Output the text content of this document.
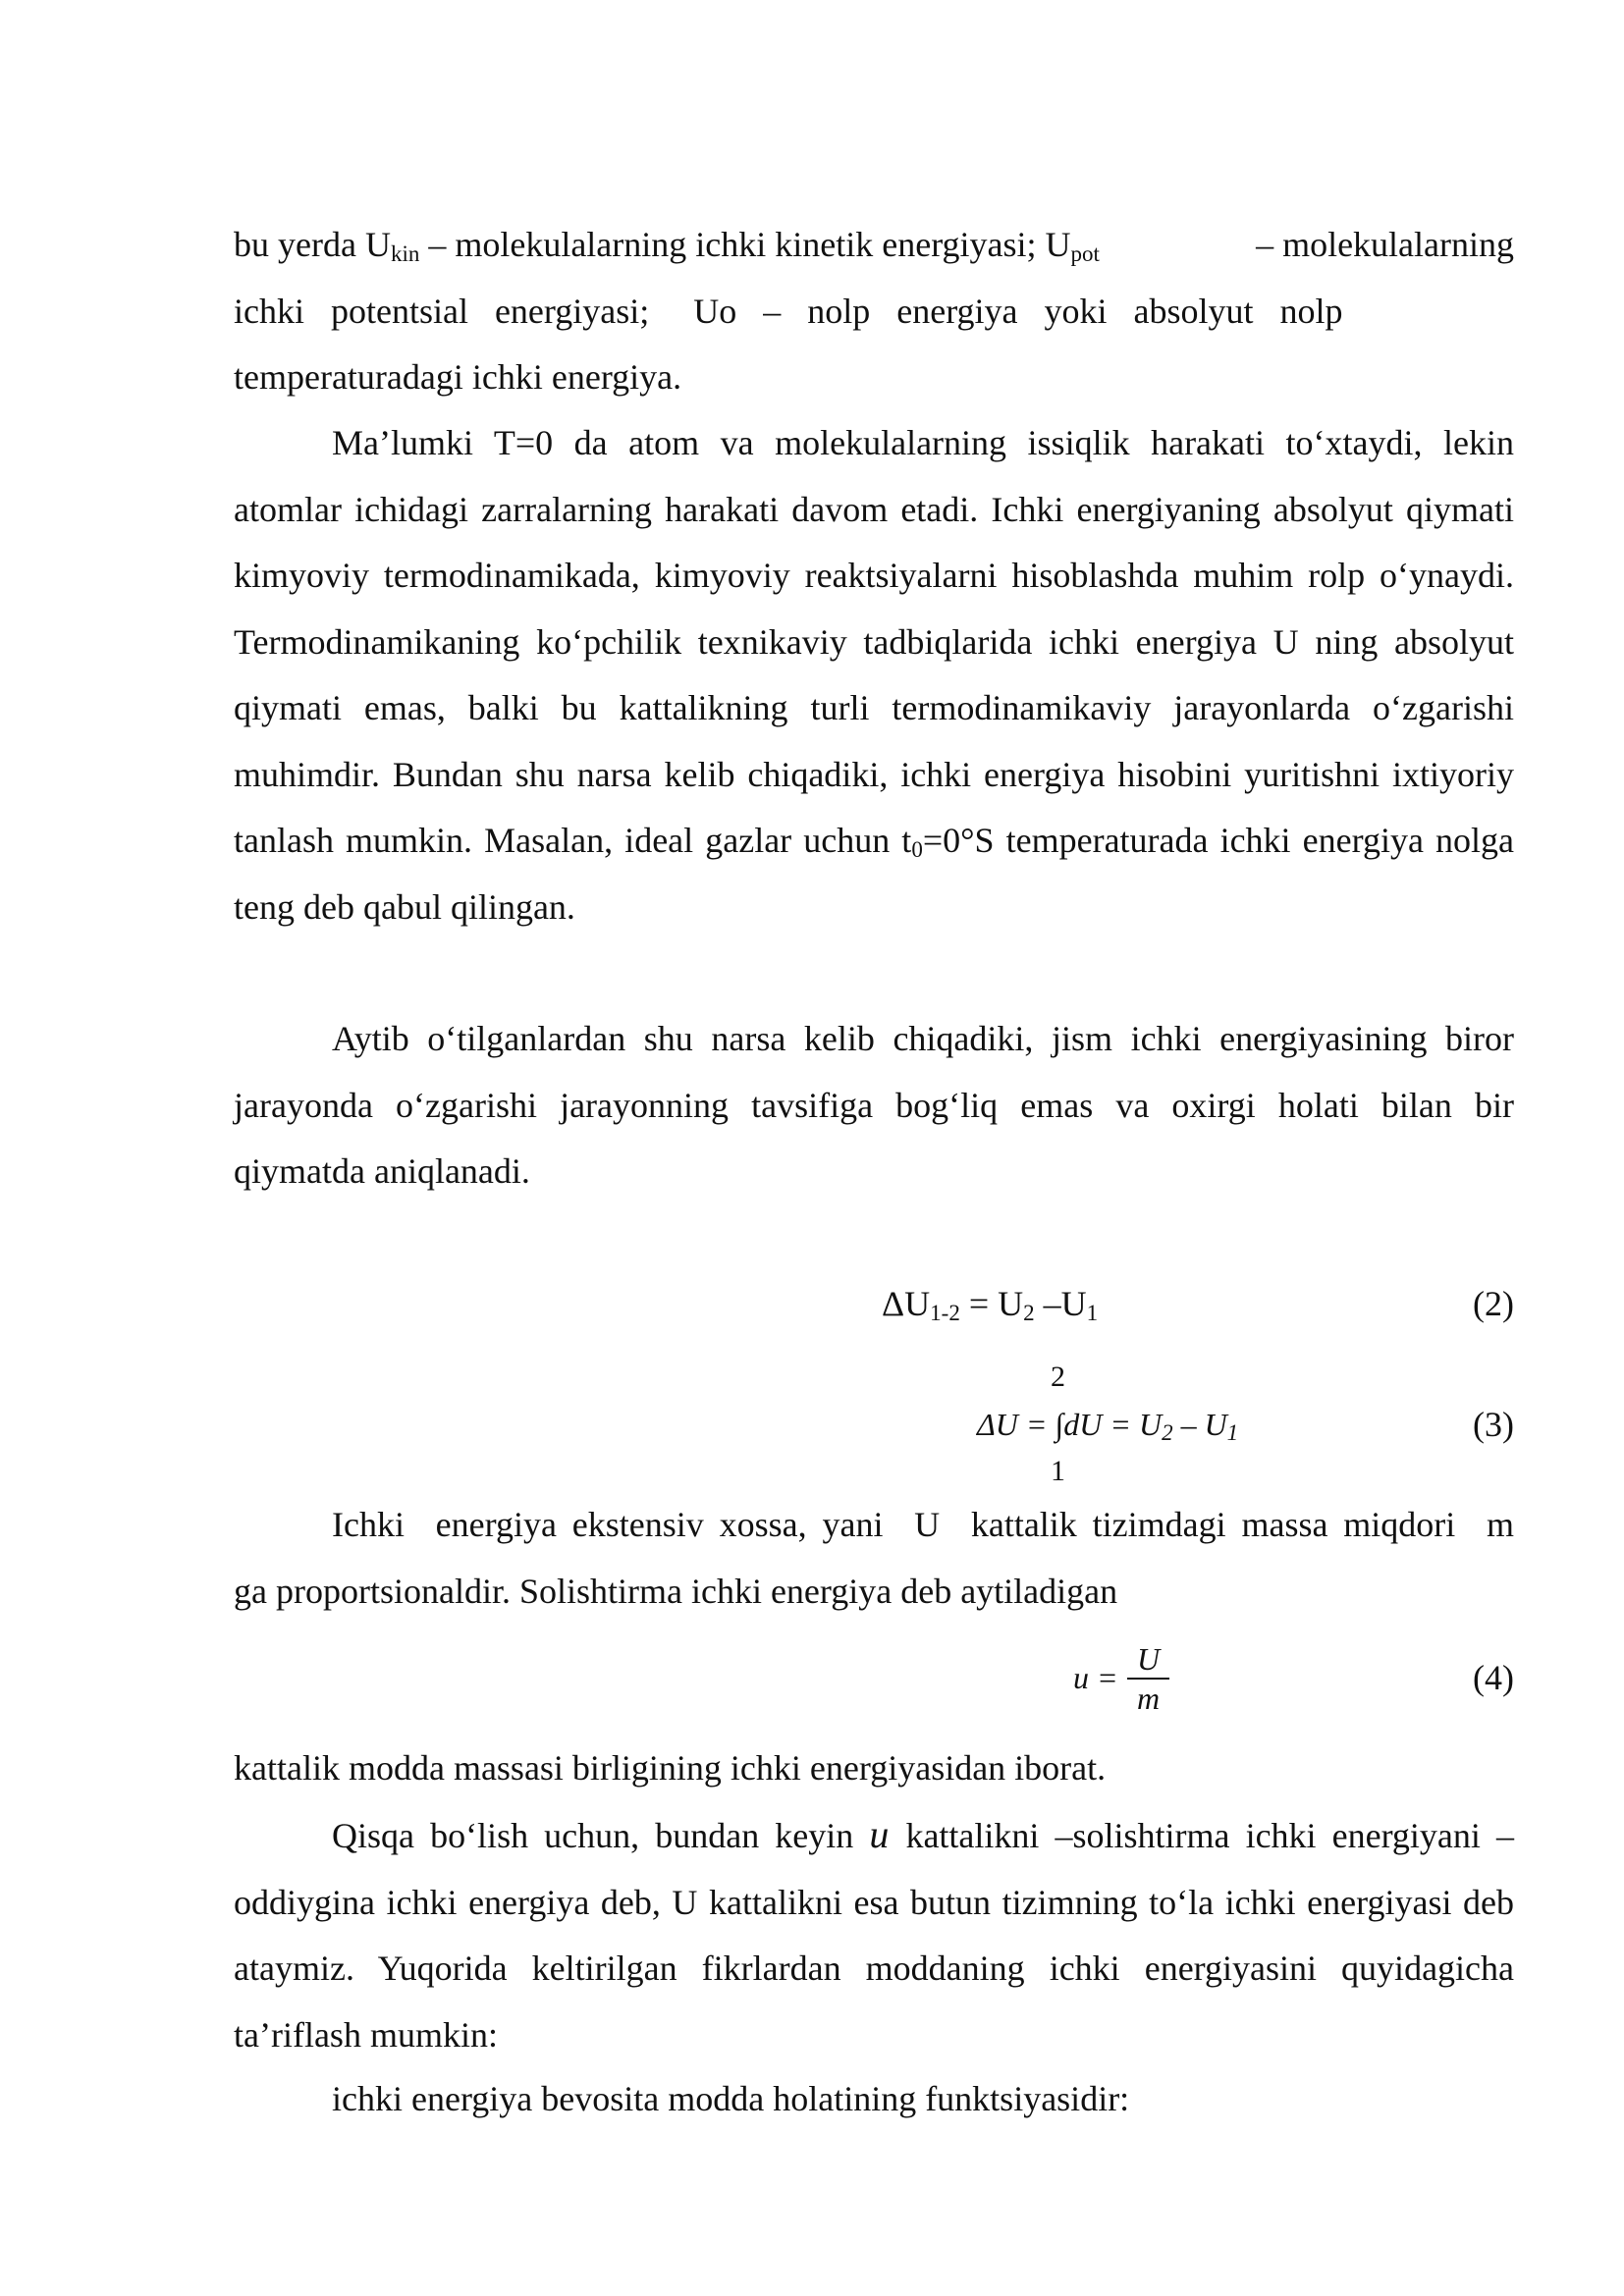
bu yerda $U_{kin}$ – molekulalarning ichki kinetik energiyasi; $U_{pot}$	– molekulalarning
ichki   potentsial   energiyasi;     Uo   –   nolp   energiya   yoki   absolyut   nolp
temperaturadagi ichki energiya.

Ma’lumki T=0 da atom va molekulalarning issiqlik harakati to‘xtaydi, lekin atomlar ichidagi zarralarning harakati davom etadi. Ichki energiyaning absolyut qiymati kimyoviy termodinamikada, kimyoviy reaktsiyalarni hisoblashda muhim rolp o‘ynaydi. Termodinamikaning ko‘pchilik texnikaviy tadbiqlarida ichki energiya U ning absolyut qiymati emas, balki bu kattalikning turli termodinamikaviy jarayonlarda o‘zgarishi muhimdir. Bundan shu narsa kelib chiqadiki, ichki energiya hisobini yuritishni ixtiyoriy tanlash mumkin. Masalan, ideal gazlar uchun $t_0=0^\circ S$ temperaturada ichki energiya nolga teng deb qabul qilingan.

Aytib o‘tilganlardan shu narsa kelib chiqadiki, jism ichki energiyasining biror jarayonda o‘zgarishi jarayonning tavsifiga bog‘liq emas va oxirgi holati bilan bir qiymatda aniqlanadi.

$\Delta U_{1-2} = U_2$ $-U_1$	(2)
2
$\Delta U = \int dU = U_2 - U_1$
1
(3)
Ichki  energiya ekstensiv xossa, yani  U  kattalik tizimdagi massa miqdori  m
ga proportsionaldir. Solishtirma ichki energiya deb aytiladigan
$u = \frac{U}{m}$	(4)
kattalik modda massasi birligining ichki energiyasidan iborat.

Qisqa bo‘lish uchun, bundan keyin u kattalikni –solishtirma ichki energiyani –oddiygina ichki energiya deb, U kattalikni esa butun tizimning to‘la ichki energiyasi deb ataymiz. Yuqorida keltirilgan fikrlardan moddaning ichki energiyasini quyidagicha ta’riflash mumkin:

ichki energiya bevosita modda holatining funktsiyasidir:
